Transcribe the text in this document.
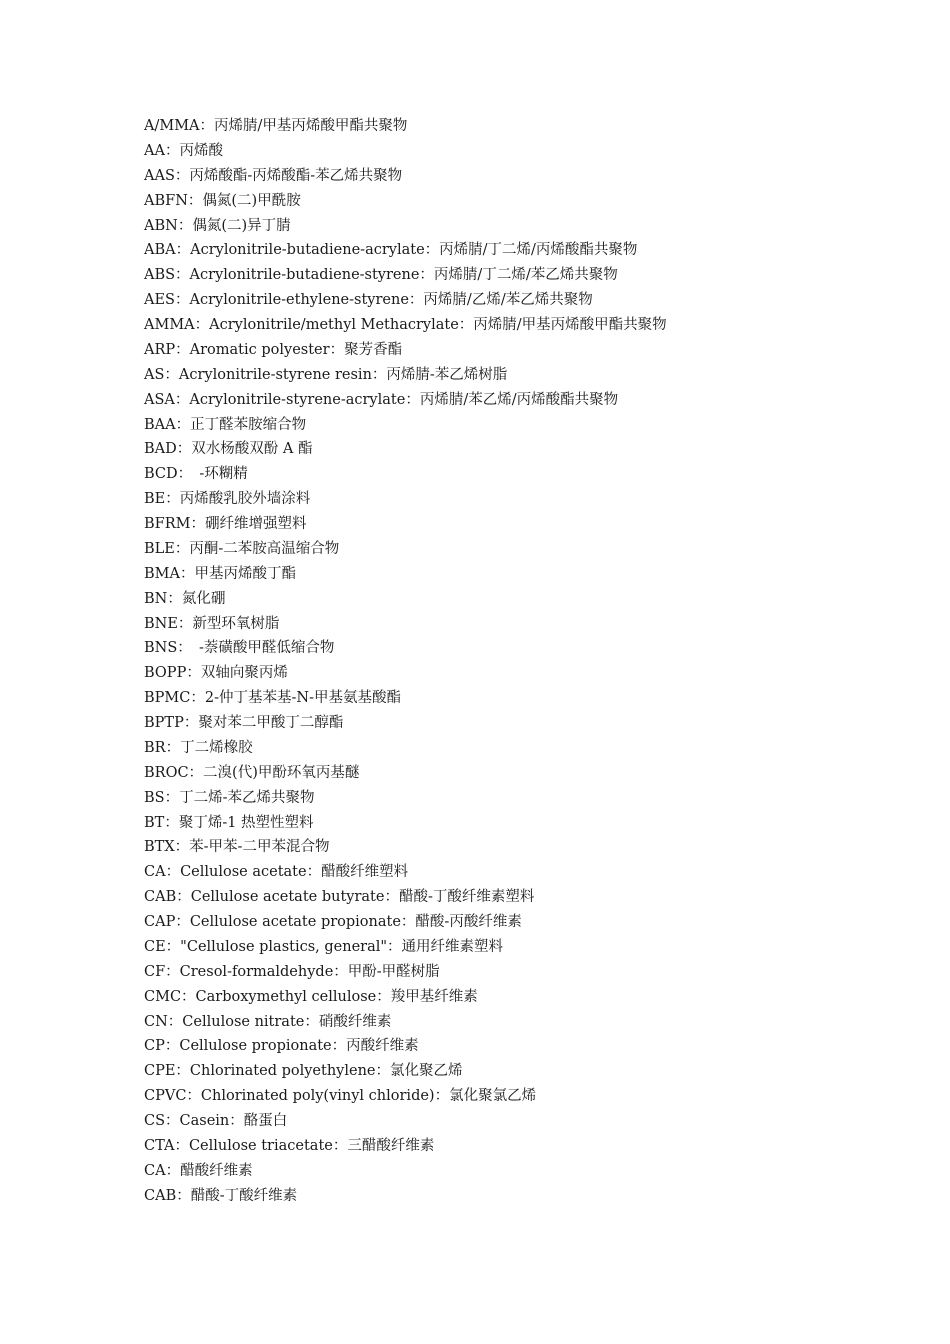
A/MMA：丙烯腈/甲基丙烯酸甲酯共聚物
AA：丙烯酸
AAS：丙烯酸酯-丙烯酸酯-苯乙烯共聚物
ABFN：偶氮(二)甲酰胺
ABN：偶氮(二)异丁腈
ABA：Acrylonitrile-butadiene-acrylate：丙烯腈/丁二烯/丙烯酸酯共聚物
ABS：Acrylonitrile-butadiene-styrene：丙烯腈/丁二烯/苯乙烯共聚物
AES：Acrylonitrile-ethylene-styrene：丙烯腈/乙烯/苯乙烯共聚物
AMMA：Acrylonitrile/methyl Methacrylate：丙烯腈/甲基丙烯酸甲酯共聚物
ARP：Aromatic polyester：聚芳香酯
AS：Acrylonitrile-styrene resin：丙烯腈-苯乙烯树脂
ASA：Acrylonitrile-styrene-acrylate：丙烯腈/苯乙烯/丙烯酸酯共聚物
BAA：正丁醛苯胺缩合物
BAD：双水杨酸双酚 A 酯
BCD：　-环糊精
BE：丙烯酸乳胶外墙涂料
BFRM：硼纤维增强塑料
BLE：丙酮-二苯胺高温缩合物
BMA：甲基丙烯酸丁酯
BN：氮化硼
BNE：新型环氧树脂
BNS：　-萘磺酸甲醛低缩合物
BOPP：双轴向聚丙烯
BPMC：2-仲丁基苯基-N-甲基氨基酸酯
BPTP：聚对苯二甲酸丁二醇酯
BR：丁二烯橡胶
BROC：二溴(代)甲酚环氧丙基醚
BS：丁二烯-苯乙烯共聚物
BT：聚丁烯-1 热塑性塑料
BTX：苯-甲苯-二甲苯混合物
CA：Cellulose acetate：醋酸纤维塑料
CAB：Cellulose acetate butyrate：醋酸-丁酸纤维素塑料
CAP：Cellulose acetate propionate：醋酸-丙酸纤维素
CE："Cellulose plastics, general"：通用纤维素塑料
CF：Cresol-formaldehyde：甲酚-甲醛树脂
CMC：Carboxymethyl cellulose：羧甲基纤维素
CN：Cellulose nitrate：硝酸纤维素
CP：Cellulose propionate：丙酸纤维素
CPE：Chlorinated polyethylene：氯化聚乙烯
CPVC：Chlorinated poly(vinyl chloride)：氯化聚氯乙烯
CS：Casein：酪蛋白
CTA：Cellulose triacetate：三醋酸纤维素
CA：醋酸纤维素
CAB：醋酸-丁酸纤维素
